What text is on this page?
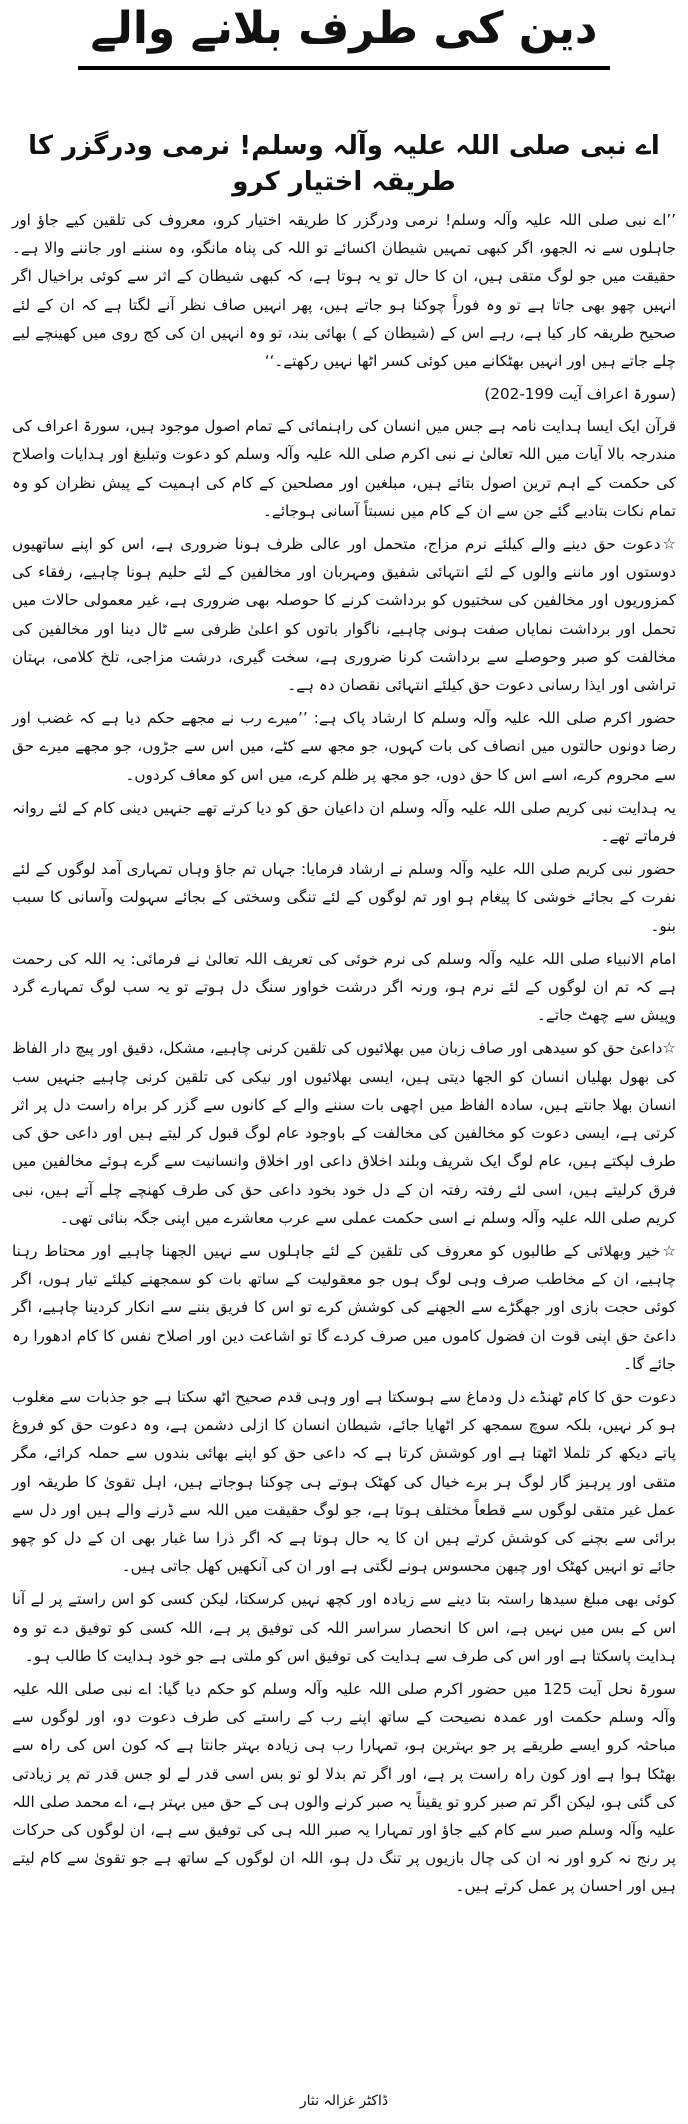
دین کی طرف بلانے والے
اے نبی صلی اللہ علیہ وآلہ وسلم! نرمی ودرگزر کا طریقہ اختیار کرو

’’اے نبی صلی اللہ علیہ وآلہ وسلم! نرمی ودرگزر کا طریقہ اختیار کرو، معروف کی تلقین کیے جاؤ اور جاہلوں سے نہ الجھو، اگر کبھی تمہیں شیطان اکسائے تو اللہ کی پناہ مانگو، وہ سننے اور جاننے والا ہے۔ حقیقت میں جو لوگ متقی ہیں، ان کا حال تو یہ ہوتا ہے، کہ کبھی شیطان کے اثر سے کوئی براخیال اگر انہیں چھو بھی جاتا ہے تو وہ فوراً چوکنا ہو جاتے ہیں، پھر انہیں صاف نظر آنے لگتا ہے کہ ان کے لئے صحیح طریقہ کار کیا ہے، رہے اس کے (شیطان کے ) بھائی بند، تو وہ انہیں ان کی کج روی میں کھینچے لیے چلے جاتے ہیں اور انہیں بھٹکانے میں کوئی کسر اٹھا نہیں رکھتے۔‘‘

(سورۃ اعراف آیت 199-202)

قرآن ایک ایسا ہدایت نامہ ہے جس میں انسان کی راہنمائی کے تمام اصول موجود ہیں، سورۃ اعراف کی مندرجہ بالا آیات میں اللہ تعالیٰ نے نبی اکرم صلی اللہ علیہ وآلہ وسلم کو دعوت وتبلیغ اور ہدایات واصلاح کی حکمت کے اہم ترین اصول بتائے ہیں، مبلغین اور مصلحین کے کام کی اہمیت کے پیش نظران کو وہ تمام نکات بتادیے گئے جن سے ان کے کام میں نسبتاً آسانی ہوجائے۔

☆دعوت حق دینے والے کیلئے نرم مزاج، متحمل اور عالی ظرف ہونا ضروری ہے، اس کو اپنے ساتھیوں دوستوں اور ماننے والوں کے لئے انتہائی شفیق ومہربان اور مخالفین کے لئے حلیم ہونا چاہیے، رفقاء کی کمزوریوں اور مخالفین کی سختیوں کو برداشت کرنے کا حوصلہ بھی ضروری ہے، غیر معمولی حالات میں تحمل اور برداشت نمایاں صفت ہونی چاہیے، ناگوار باتوں کو اعلیٰ ظرفی سے ٹال دینا اور مخالفین کی مخالفت کو صبر وحوصلے سے برداشت کرنا ضروری ہے، سخت گیری، درشت مزاجی، تلخ کلامی، بہتان تراشی اور ایذا رسانی دعوت حق کیلئے انتہائی نقصان دہ ہے۔

حضور اکرم صلی اللہ علیہ وآلہ وسلم کا ارشاد پاک ہے: ’’میرے رب نے مجھے حکم دیا ہے کہ غضب اور رضا دونوں حالتوں میں انصاف کی بات کہوں، جو مجھ سے کٹے، میں اس سے جڑوں، جو مجھے میرے حق سے محروم کرے، اسے اس کا حق دوں، جو مجھ پر ظلم کرے، میں اس کو معاف کردوں۔

یہ ہدایت نبی کریم صلی اللہ علیہ وآلہ وسلم ان داعیان حق کو دیا کرتے تھے جنہیں دینی کام کے لئے روانہ فرماتے تھے۔

حضور نبی کریم صلی اللہ علیہ وآلہ وسلم نے ارشاد فرمایا: جہاں تم جاؤ وہاں تمہاری آمد لوگوں کے لئے نفرت کے بجائے خوشی کا پیغام ہو اور تم لوگوں کے لئے تنگی وسختی کے بجائے سہولت وآسانی کا سبب بنو۔

امام الانبیاء صلی اللہ علیہ وآلہ وسلم کی نرم خوئی کی تعریف اللہ تعالیٰ نے فرمائی: یہ اللہ کی رحمت ہے کہ تم ان لوگوں کے لئے نرم ہو، ورنہ اگر درشت خواور سنگ دل ہوتے تو یہ سب لوگ تمہارے گرد وپیش سے چھٹ جاتے۔

☆داعئ حق کو سیدھی اور صاف زبان میں بھلائیوں کی تلقین کرنی چاہیے، مشکل، دقیق اور پیچ دار الفاظ کی بھول بھلیاں انسان کو الجھا دیتی ہیں، ایسی بھلائیوں اور نیکی کی تلقین کرنی چاہیے جنہیں سب انسان بھلا جانتے ہیں، سادہ الفاظ میں اچھی بات سننے والے کے کانوں سے گزر کر براہ راست دل پر اثر کرتی ہے، ایسی دعوت کو مخالفین کی مخالفت کے باوجود عام لوگ قبول کر لیتے ہیں اور داعی حق کی طرف لپکتے ہیں، عام لوگ ایک شریف وبلند اخلاق داعی اور اخلاق وانسانیت سے گرے ہوئے مخالفین میں فرق کرلیتے ہیں، اسی لئے رفتہ رفتہ ان کے دل خود بخود داعی حق کی طرف کھنچے چلے آتے ہیں، نبی کریم صلی اللہ علیہ وآلہ وسلم نے اسی حکمت عملی سے عرب معاشرے میں اپنی جگہ بنائی تھی۔

☆خیر وبھلائی کے طالبوں کو معروف کی تلقین کے لئے جاہلوں سے نہیں الجھنا چاہیے اور محتاط رہنا چاہیے، ان کے مخاطب صرف وہی لوگ ہوں جو معقولیت کے ساتھ بات کو سمجھنے کیلئے تیار ہوں، اگر کوئی حجت بازی اور جھگڑے سے الجھنے کی کوشش کرے تو اس کا فریق بننے سے انکار کردینا چاہیے، اگر داعئ حق اپنی قوت ان فضول کاموں میں صرف کردے گا تو اشاعت دین اور اصلاح نفس کا کام ادھورا رہ جائے گا۔

دعوت حق کا کام ٹھنڈے دل ودماغ سے ہوسکتا ہے اور وہی قدم صحیح اٹھ سکتا ہے جو جذبات سے مغلوب ہو کر نہیں، بلکہ سوچ سمجھ کر اٹھایا جائے، شیطان انسان کا ازلی دشمن ہے، وہ دعوت حق کو فروغ پاتے دیکھ کر تلملا اٹھتا ہے اور کوشش کرتا ہے کہ داعی حق کو اپنے بھائی بندوں سے حملہ کرائے، مگر متقی اور پرہیز گار لوگ ہر برے خیال کی کھٹک ہوتے ہی چوکنا ہوجاتے ہیں، اہل تقویٰ کا طریقہ اور عمل غیر متقی لوگوں سے قطعاً مختلف ہوتا ہے، جو لوگ حقیقت میں اللہ سے ڈرنے والے ہیں اور دل سے برائی سے بچنے کی کوشش کرتے ہیں ان کا یہ حال ہوتا ہے کہ اگر ذرا سا غبار بھی ان کے دل کو چھو جائے تو انہیں کھٹک اور چبھن محسوس ہونے لگتی ہے اور ان کی آنکھیں کھل جاتی ہیں۔

کوئی بھی مبلغ سیدھا راستہ بتا دینے سے زیادہ اور کچھ نہیں کرسکتا، لیکن کسی کو اس راستے پر لے آنا اس کے بس میں نہیں ہے، اس کا انحصار سراسر اللہ کی توفیق پر ہے، اللہ کسی کو توفیق دے تو وہ ہدایت پاسکتا ہے اور اس کی طرف سے ہدایت کی توفیق اس کو ملتی ہے جو خود ہدایت کا طالب ہو۔

سورۃ نحل آیت 125 میں حضور اکرم صلی اللہ علیہ وآلہ وسلم کو حکم دیا گیا: اے نبی صلی اللہ علیہ وآلہ وسلم حکمت اور عمدہ نصیحت کے ساتھ اپنے رب کے راستے کی طرف دعوت دو، اور لوگوں سے مباحثہ کرو ایسے طریقے پر جو بہترین ہو، تمہارا رب ہی زیادہ بہتر جانتا ہے کہ کون اس کی راہ سے بھٹکا ہوا ہے اور کون راہ راست پر ہے، اور اگر تم بدلا لو تو بس اسی قدر لے لو جس قدر تم پر زیادتی کی گئی ہو، لیکن اگر تم صبر کرو تو یقیناً یہ صبر کرنے والوں ہی کے حق میں بہتر ہے، اے محمد صلی اللہ علیہ وآلہ وسلم صبر سے کام کیے جاؤ اور تمہارا یہ صبر اللہ ہی کی توفیق سے ہے، ان لوگوں کی حرکات پر رنج نہ کرو اور نہ ان کی چال بازیوں پر تنگ دل ہو، اللہ ان لوگوں کے ساتھ ہے جو تقویٰ سے کام لیتے ہیں اور احسان پر عمل کرتے ہیں۔

ڈاکٹر غزالہ نثار
